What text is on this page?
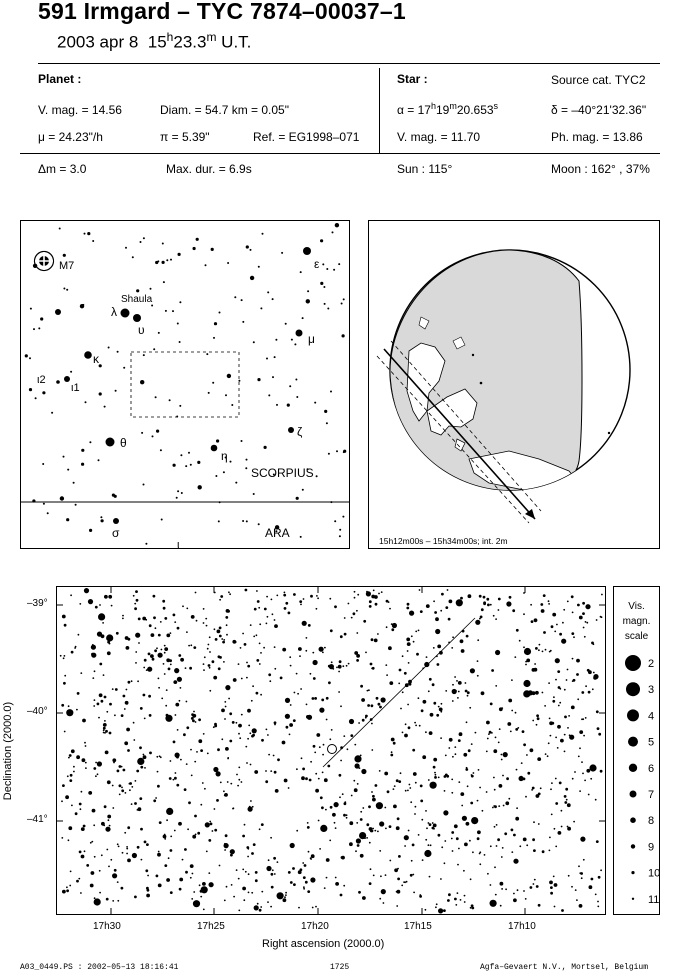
591 Irmgard – TYC 7874–00037–1
2003 apr 8 15$^h$23.3$^m$ U.T.
Planet :
V. mag. = 14.56	Diam. = 54.7 km = 0.05"
μ = 24.23"/h	π = 5.39"	Ref. = EG1998–071
Star :	Source cat. TYC2
$\alpha = 17^h19^m20.653^s$	δ = –40°21'32.36"
V. mag. = 11.70	Ph. mag. = 13.86
Δm = 3.0	Max. dur. = 6.9s	Sun : 115°	Moon : 162° , 37%
M7
Shaula
λ
υ
ε
μ
κ
ι2
ι1
θ
η
ζ
SCORPIUS
ARA
σ
ι	15h12m00s – 15h34m00s; int. 2m
–39°
–40°
–41°
17h30	17h25	17h20	17h15	17h10
Right ascension (2000.0)
Declination (2000.0)
Vis.
magn.
scale
2
3
4
5
6
7
8
9
10
11
A03_0449.PS : 2002–05–13 18:16:41	1725	Agfa–Gevaert N.V., Mortsel, Belgium
